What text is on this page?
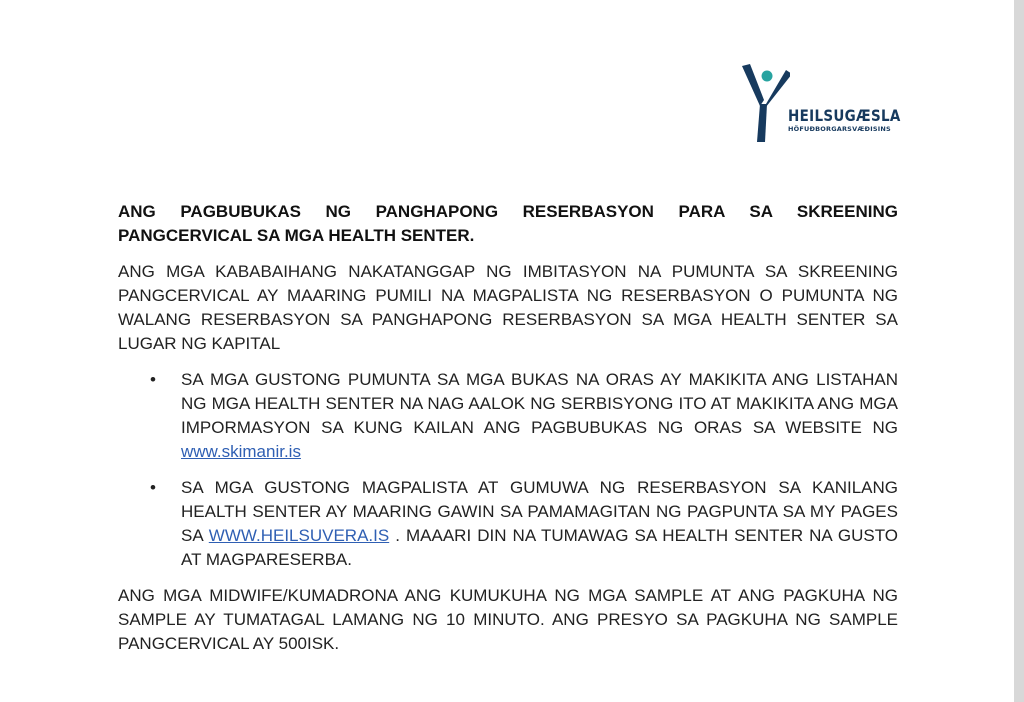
HEILSUGÆSLA
HÖFUÐBORGARSVÆÐISINS

ANG PAGBUBUKAS NG PANGHAPONG RESERBASYON PARA SA SKREENING PANGCERVICAL SA MGA HEALTH SENTER.

ANG MGA KABABAIHANG NAKATANGGAP NG IMBITASYON NA PUMUNTA SA SKREENING PANGCERVICAL AY MAARING PUMILI NA MAGPALISTA NG RESERBASYON O PUMUNTA NG WALANG RESERBASYON SA PANGHAPONG RESERBASYON SA MGA HEALTH SENTER SA LUGAR NG KAPITAL

• SA MGA GUSTONG PUMUNTA SA MGA BUKAS NA ORAS AY MAKIKITA ANG LISTAHAN NG MGA HEALTH SENTER NA NAG AALOK NG SERBISYONG ITO AT MAKIKITA ANG MGA IMPORMASYON SA KUNG KAILAN ANG PAGBUBUKAS NG ORAS SA WEBSITE NG www.skimanir.is
• SA MGA GUSTONG MAGPALISTA AT GUMUWA NG RESERBASYON SA KANILANG HEALTH SENTER AY MAARING GAWIN SA PAMAMAGITAN NG PAGPUNTA SA MY PAGES SA WWW.HEILSUVERA.IS . MAAARI DIN NA TUMAWAG SA HEALTH SENTER NA GUSTO AT MAGPARESERBA.

ANG MGA MIDWIFE/KUMADRONA ANG KUMUKUHA NG MGA SAMPLE AT ANG PAGKUHA NG SAMPLE AY TUMATAGAL LAMANG NG 10 MINUTO. ANG PRESYO SA PAGKUHA NG SAMPLE PANGCERVICAL AY 500ISK.
